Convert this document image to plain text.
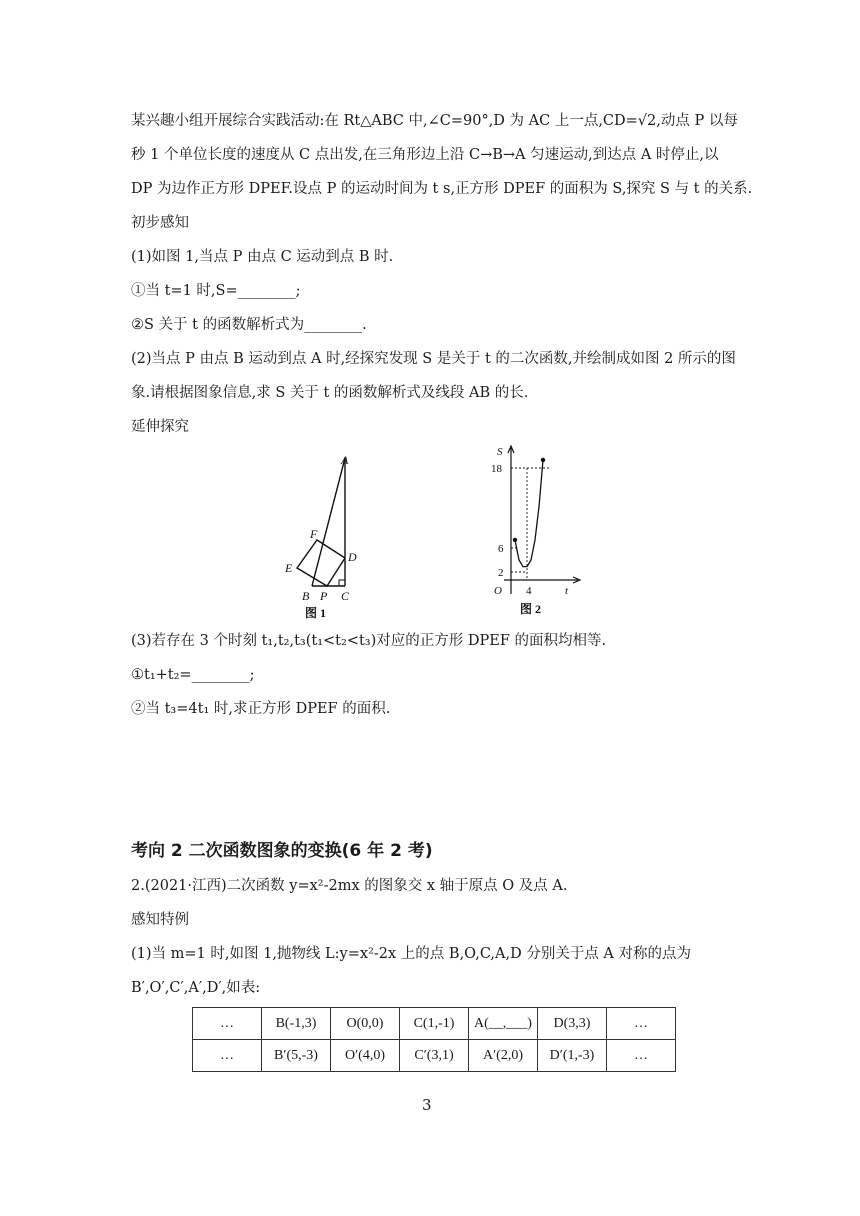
某兴趣小组开展综合实践活动:在 Rt△ABC 中,∠C=90°,D 为 AC 上一点,CD=√2,动点 P 以每
秒 1 个单位长度的速度从 C 点出发,在三角形边上沿 C→B→A 匀速运动,到达点 A 时停止,以
DP 为边作正方形 DPEF.设点 P 的运动时间为 t s,正方形 DPEF 的面积为 S,探究 S 与 t 的关系.
初步感知
(1)如图 1,当点 P 由点 C 运动到点 B 时.
①当 t=1 时,S=________;
②S 关于 t 的函数解析式为________.
(2)当点 P 由点 B 运动到点 A 时,经探究发现 S 是关于 t 的二次函数,并绘制成如图 2 所示的图
象.请根据图象信息,求 S 关于 t 的函数解析式及线段 AB 的长.
延伸探究
A
F
D
E
B P C
图 1
S
18
6
2
O 4	t
图 2
(3)若存在 3 个时刻 t₁,t₂,t₃(t₁<t₂<t₃)对应的正方形 DPEF 的面积均相等.
①t₁+t₂=________;
②当 t₃=4t₁ 时,求正方形 DPEF 的面积.
考向 2 二次函数图象的变换(6 年 2 考)
2.(2021·江西)二次函数 y=x²-2mx 的图象交 x 轴于原点 O 及点 A.
感知特例
(1)当 m=1 时,如图 1,抛物线 L:y=x²-2x 上的点 B,O,C,A,D 分别关于点 A 对称的点为
B′,O′,C′,A′,D′,如表:
…	B(-1,3)	O(0,0)	C(1,-1)	A(__,___)	D(3,3)	…
…	B′(5,-3)	O′(4,0)	C′(3,1)	A′(2,0)	D′(1,-3)	…
3
